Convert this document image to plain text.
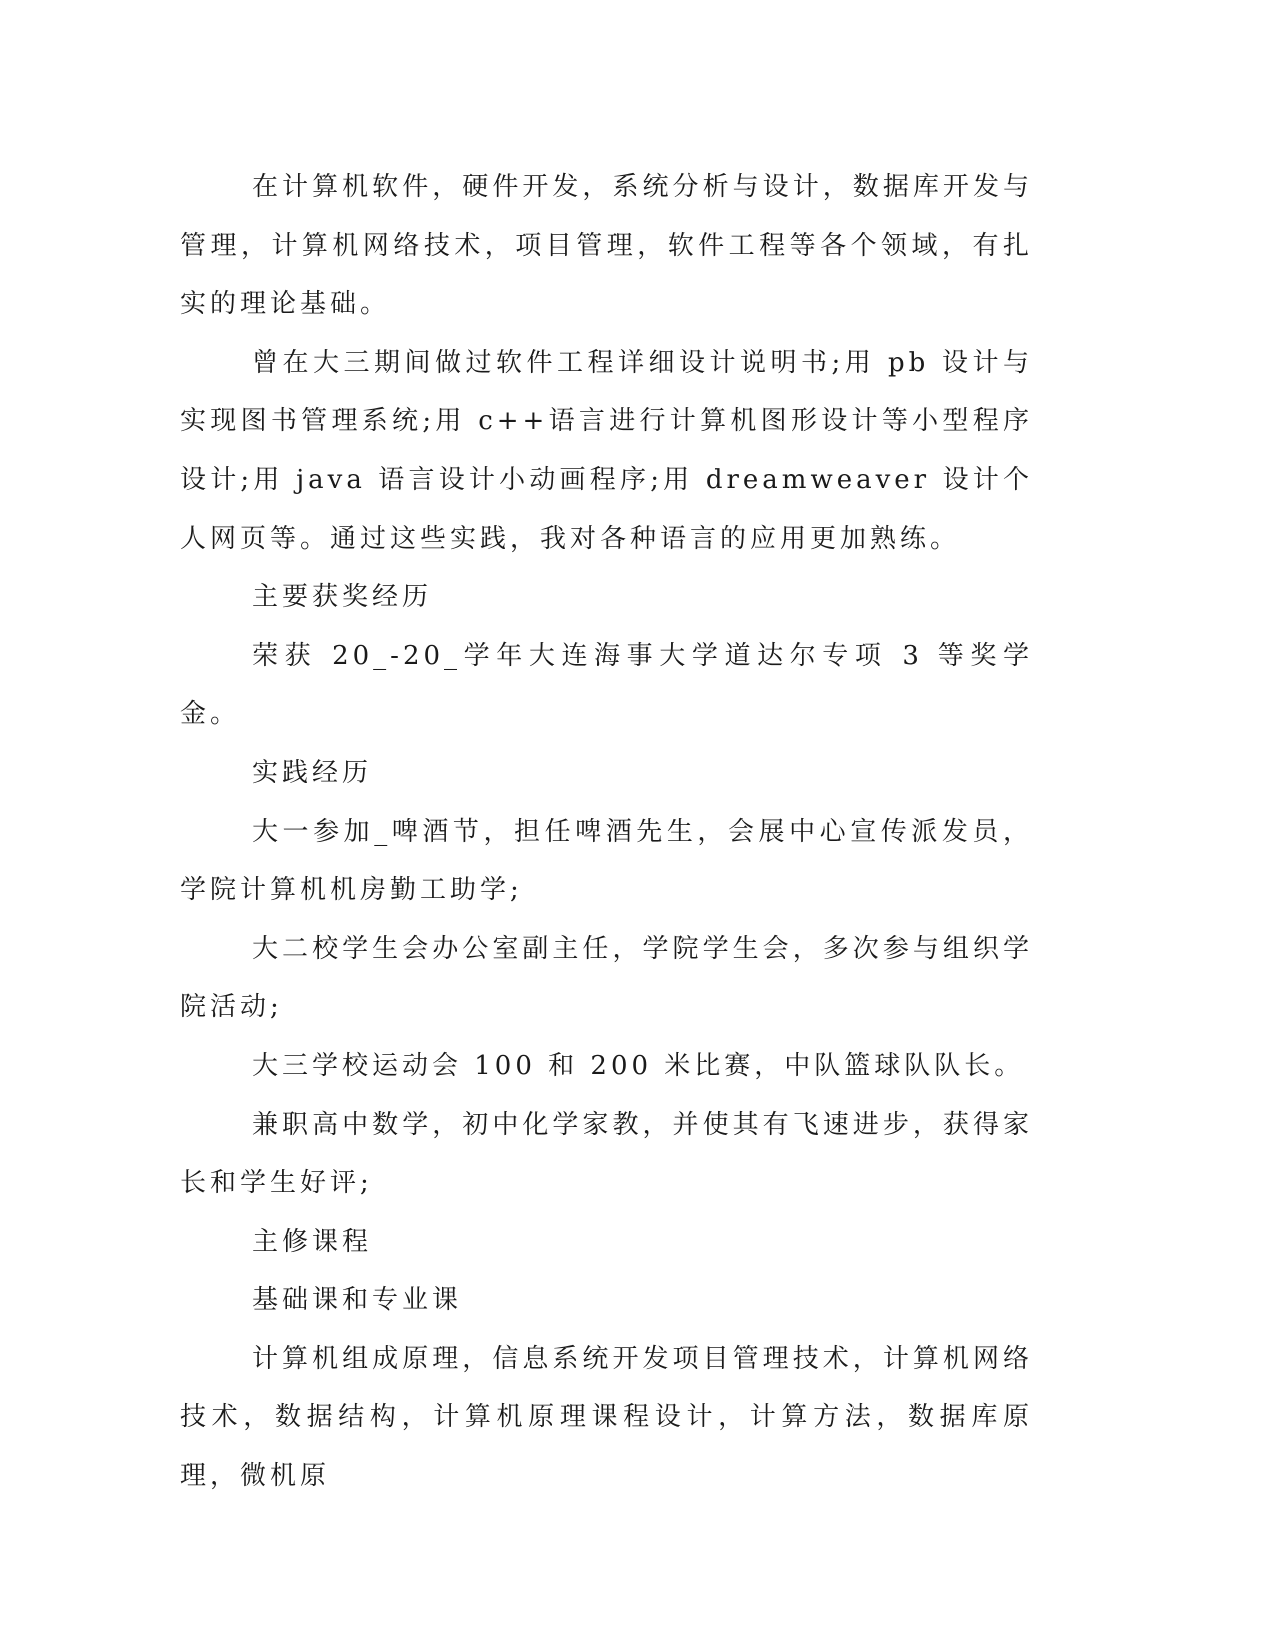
在计算机软件，硬件开发，系统分析与设计，数据库开发与管理，计算机网络技术，项目管理，软件工程等各个领域，有扎实的理论基础。

曾在大三期间做过软件工程详细设计说明书;用 pb 设计与实现图书管理系统;用 c++语言进行计算机图形设计等小型程序设计;用 java 语言设计小动画程序;用 dreamweaver 设计个人网页等。通过这些实践，我对各种语言的应用更加熟练。

主要获奖经历

荣获 20_-20_学年大连海事大学道达尔专项 3 等奖学金。

实践经历

大一参加_啤酒节，担任啤酒先生，会展中心宣传派发员，学院计算机机房勤工助学;

大二校学生会办公室副主任，学院学生会，多次参与组织学院活动;

大三学校运动会 100 和 200 米比赛，中队篮球队队长。

兼职高中数学，初中化学家教，并使其有飞速进步，获得家长和学生好评;

主修课程

基础课和专业课

计算机组成原理，信息系统开发项目管理技术，计算机网络技术，数据结构，计算机原理课程设计，计算方法，数据库原理，微机原
